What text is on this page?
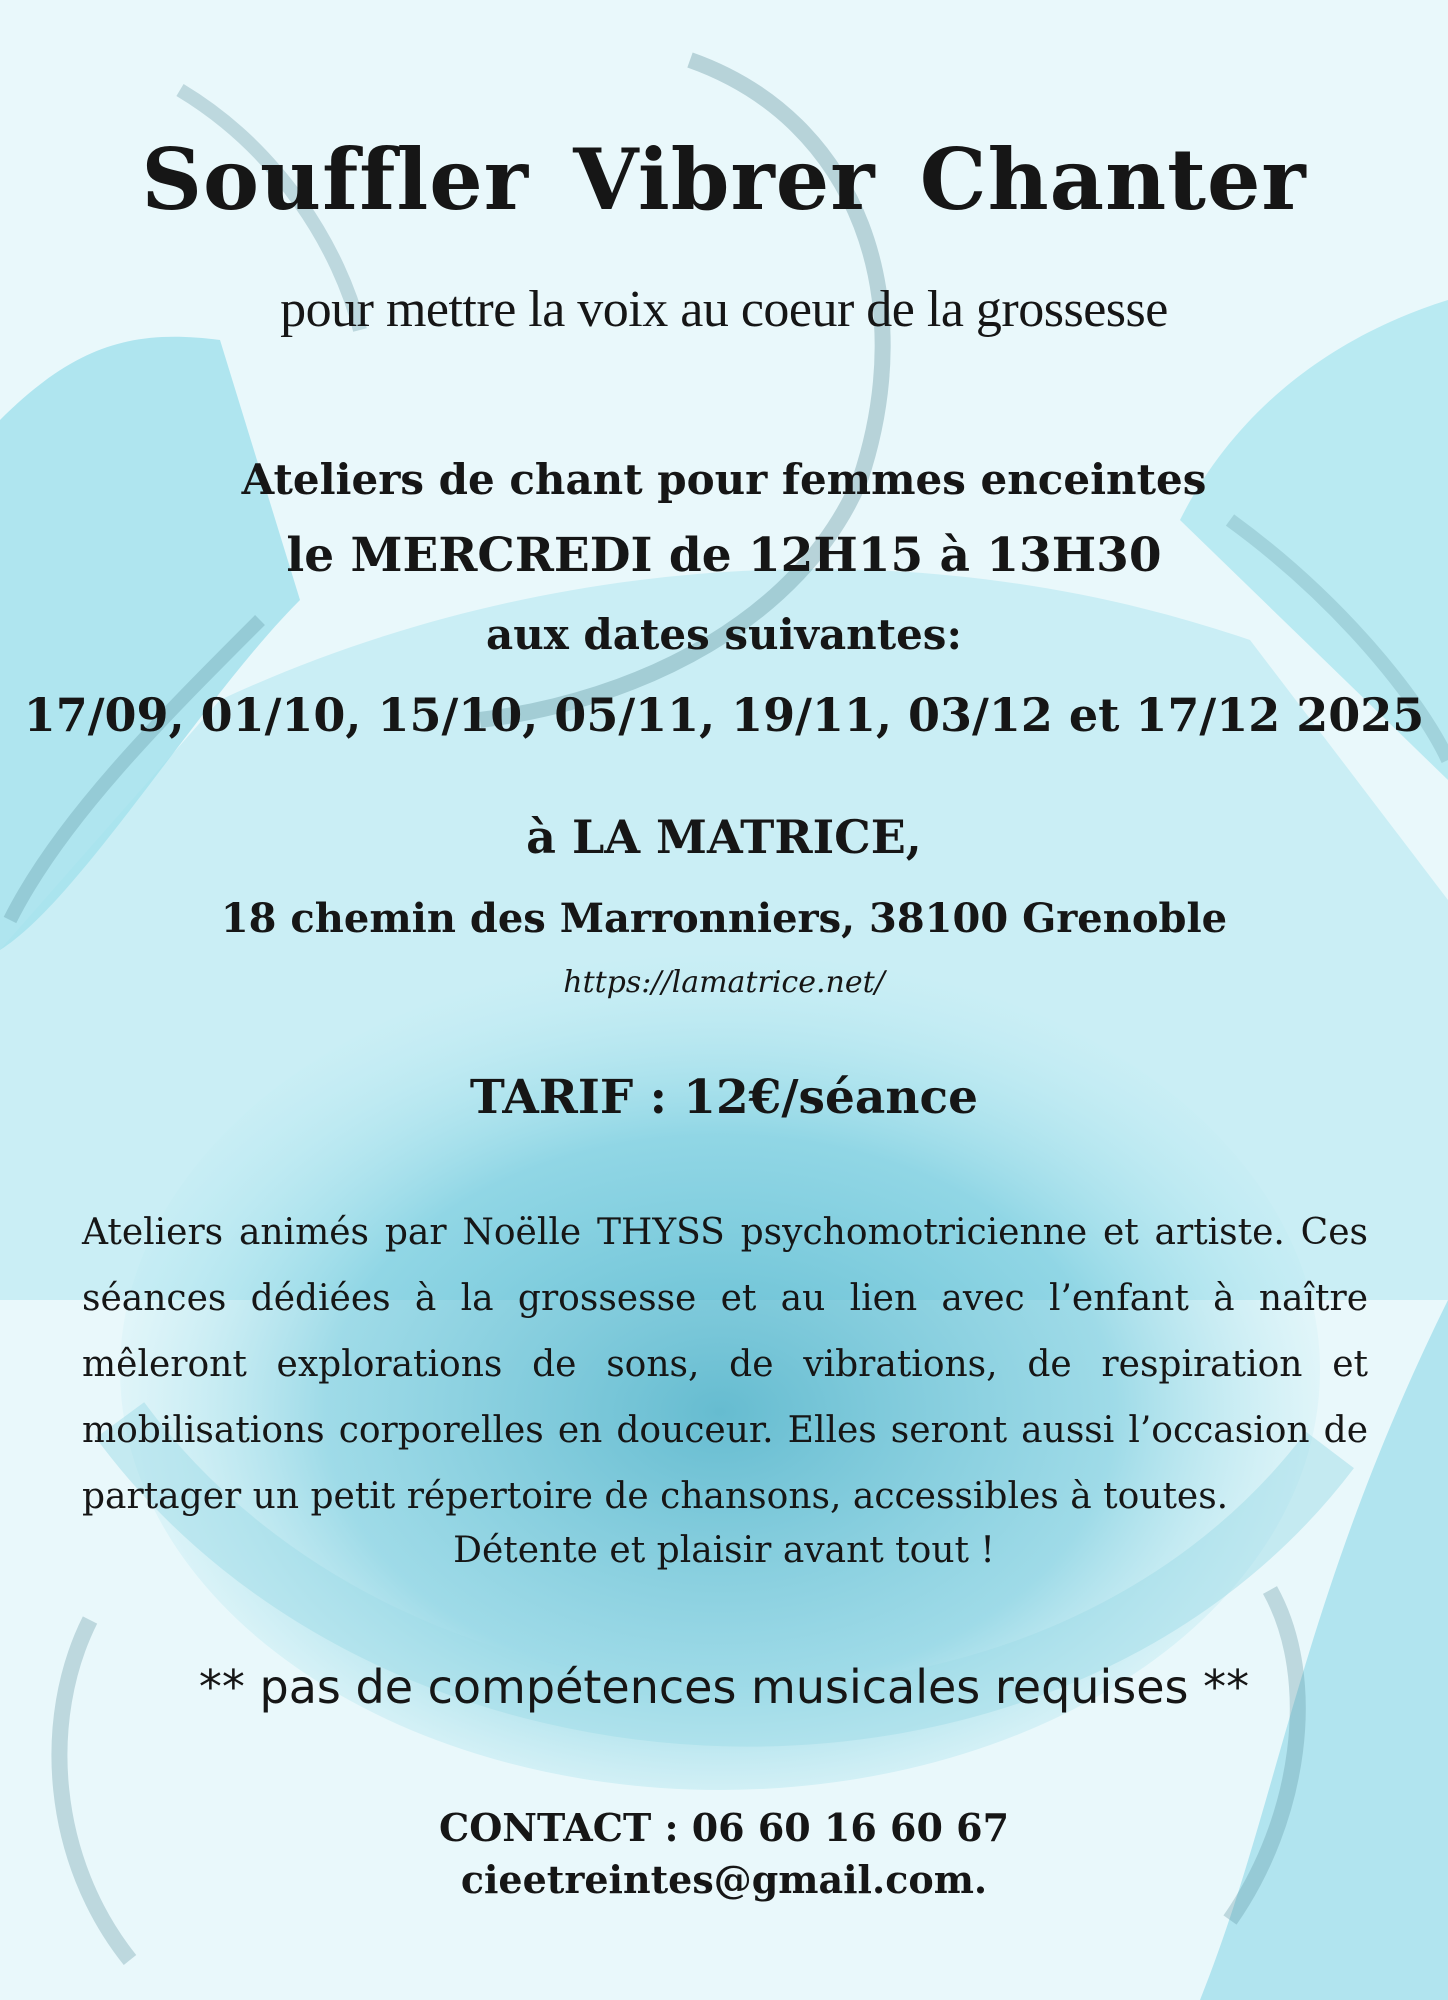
Souffler Vibrer Chanter
pour mettre la voix au coeur de la grossesse
Ateliers de chant pour femmes enceintes
le MERCREDI de 12H15 à 13H30
aux dates suivantes:
17/09, 01/10, 15/10, 05/11, 19/11, 03/12 et 17/12 2025
à LA MATRICE,
18 chemin des Marronniers, 38100 Grenoble
https://lamatrice.net/
TARIF : 12€/séance
Ateliers animés par Noëlle THYSS psychomotricienne et artiste. Ces séances dédiées à la grossesse et au lien avec l’enfant à naître mêleront explorations de sons, de vibrations, de respiration et mobilisations corporelles en douceur. Elles seront aussi l’occasion de partager un petit répertoire de chansons, accessibles à toutes.
Détente et plaisir avant tout !
** pas de compétences musicales requises **
CONTACT : 06 60 16 60 67
cieetreintes@gmail.com.
